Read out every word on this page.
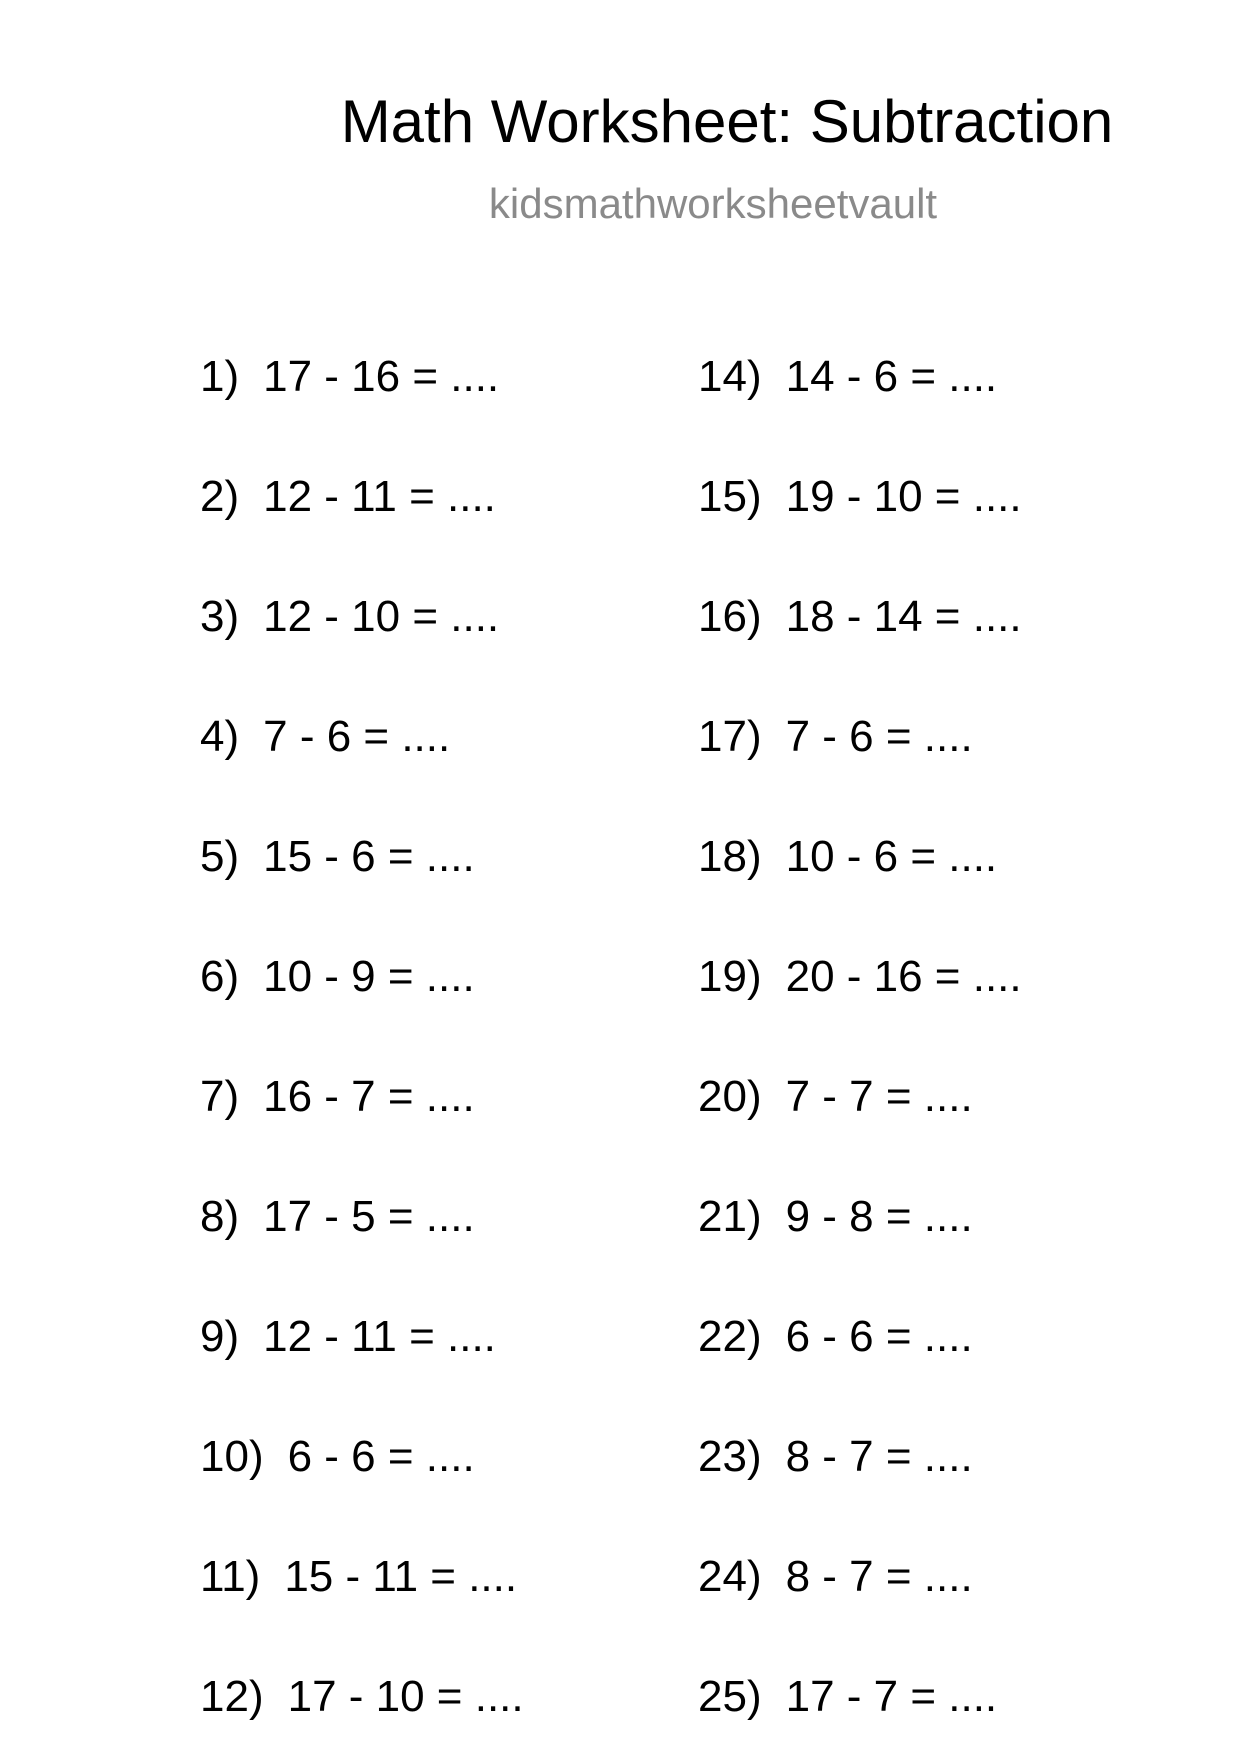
Math Worksheet: Subtraction
kidsmathworksheetvault
1) 17 - 16 = ....
2) 12 - 11 = ....
3) 12 - 10 = ....
4) 7 - 6 = ....
5) 15 - 6 = ....
6) 10 - 9 = ....
7) 16 - 7 = ....
8) 17 - 5 = ....
9) 12 - 11 = ....
10) 6 - 6 = ....
11) 15 - 11 = ....
12) 17 - 10 = ....
14) 14 - 6 = ....
15) 19 - 10 = ....
16) 18 - 14 = ....
17) 7 - 6 = ....
18) 10 - 6 = ....
19) 20 - 16 = ....
20) 7 - 7 = ....
21) 9 - 8 = ....
22) 6 - 6 = ....
23) 8 - 7 = ....
24) 8 - 7 = ....
25) 17 - 7 = ....
